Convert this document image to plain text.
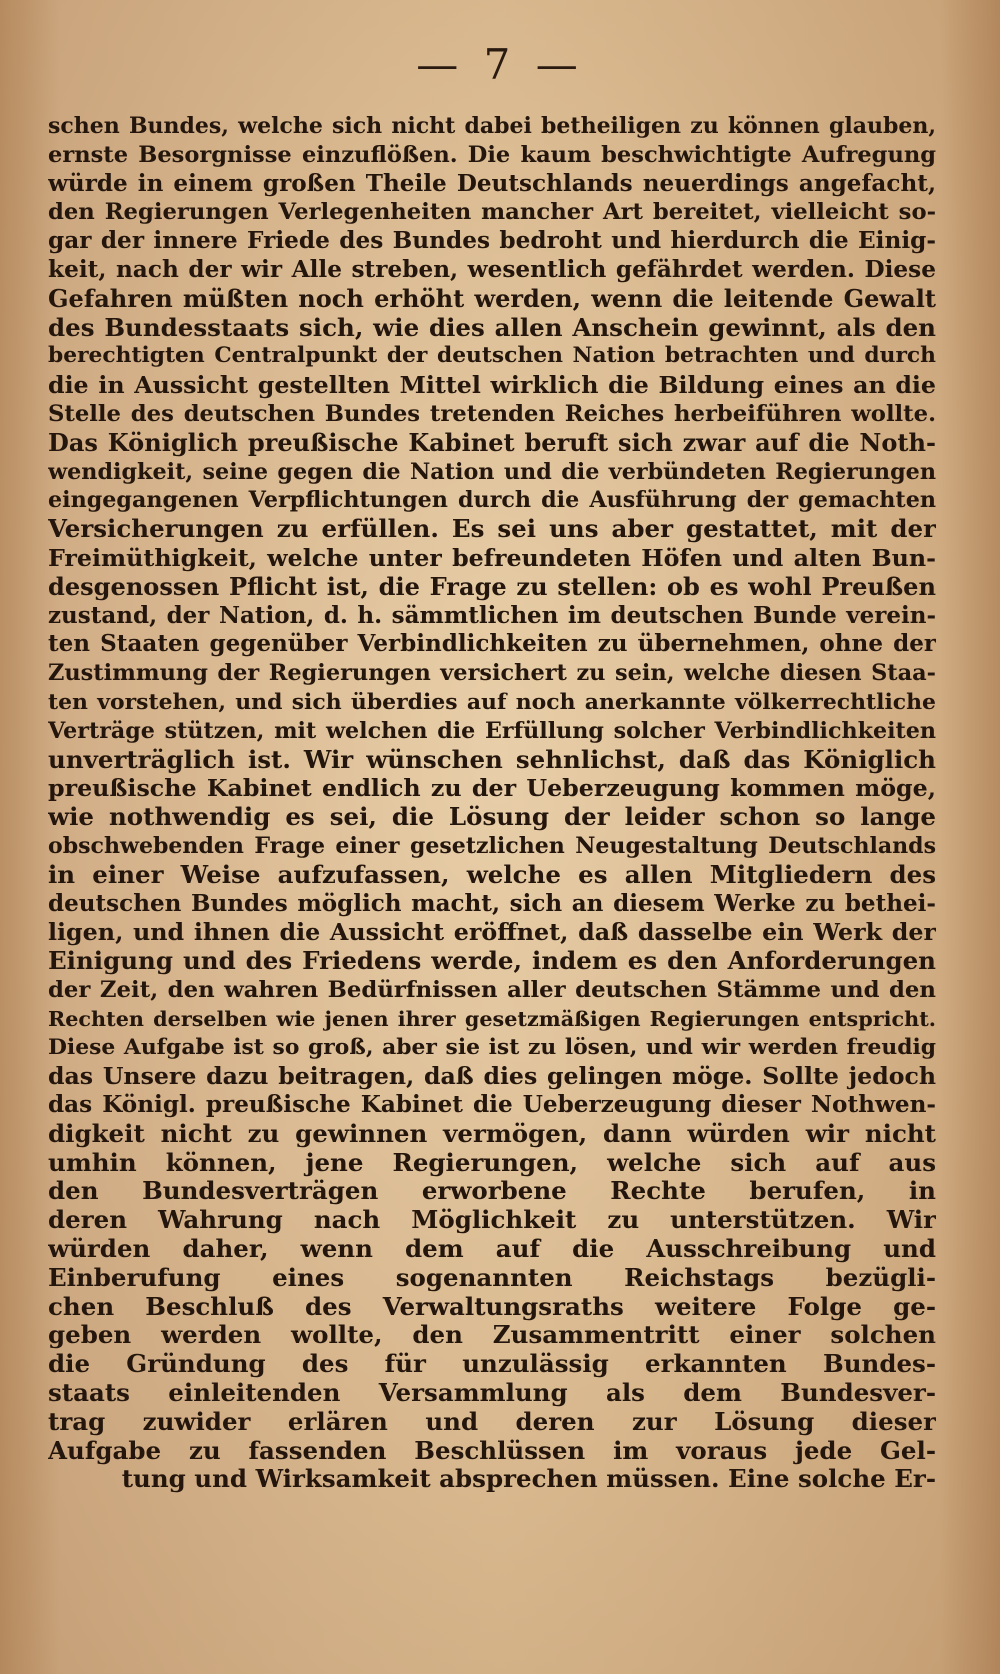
— 7 —
schen Bundes, welche sich nicht dabei betheiligen zu können glauben,
ernste Besorgnisse einzuflößen. Die kaum beschwichtigte Aufregung
würde in einem großen Theile Deutschlands neuerdings angefacht,
den Regierungen Verlegenheiten mancher Art bereitet, vielleicht so-
gar der innere Friede des Bundes bedroht und hierdurch die Einig-
keit, nach der wir Alle streben, wesentlich gefährdet werden. Diese
Gefahren müßten noch erhöht werden, wenn die leitende Gewalt
des Bundesstaats sich, wie dies allen Anschein gewinnt, als den
berechtigten Centralpunkt der deutschen Nation betrachten und durch
die in Aussicht gestellten Mittel wirklich die Bildung eines an die
Stelle des deutschen Bundes tretenden Reiches herbeiführen wollte.
Das Königlich preußische Kabinet beruft sich zwar auf die Noth-
wendigkeit, seine gegen die Nation und die verbündeten Regierungen
eingegangenen Verpflichtungen durch die Ausführung der gemachten
Versicherungen zu erfüllen. Es sei uns aber gestattet, mit der
Freimüthigkeit, welche unter befreundeten Höfen und alten Bun-
desgenossen Pflicht ist, die Frage zu stellen: ob es wohl Preußen
zustand, der Nation, d. h. sämmtlichen im deutschen Bunde verein-
ten Staaten gegenüber Verbindlichkeiten zu übernehmen, ohne der
Zustimmung der Regierungen versichert zu sein, welche diesen Staa-
ten vorstehen, und sich überdies auf noch anerkannte völkerrechtliche
Verträge stützen, mit welchen die Erfüllung solcher Verbindlichkeiten
unverträglich ist. Wir wünschen sehnlichst, daß das Königlich
preußische Kabinet endlich zu der Ueberzeugung kommen möge,
wie nothwendig es sei, die Lösung der leider schon so lange
obschwebenden Frage einer gesetzlichen Neugestaltung Deutschlands
in einer Weise aufzufassen, welche es allen Mitgliedern des
deutschen Bundes möglich macht, sich an diesem Werke zu bethei-
ligen, und ihnen die Aussicht eröffnet, daß dasselbe ein Werk der
Einigung und des Friedens werde, indem es den Anforderungen
der Zeit, den wahren Bedürfnissen aller deutschen Stämme und den
Rechten derselben wie jenen ihrer gesetzmäßigen Regierungen entspricht.
Diese Aufgabe ist so groß, aber sie ist zu lösen, und wir werden freudig
das Unsere dazu beitragen, daß dies gelingen möge. Sollte jedoch
das Königl. preußische Kabinet die Ueberzeugung dieser Nothwen-
digkeit nicht zu gewinnen vermögen, dann würden wir nicht
umhin können, jene Regierungen, welche sich auf aus
den Bundesverträgen erworbene Rechte berufen, in
deren Wahrung nach Möglichkeit zu unterstützen. Wir
würden daher, wenn dem auf die Ausschreibung und
Einberufung eines sogenannten Reichstags bezügli-
chen Beschluß des Verwaltungsraths weitere Folge ge-
geben werden wollte, den Zusammentritt einer solchen
die Gründung des für unzulässig erkannten Bundes-
staats einleitenden Versammlung als dem Bundesver-
trag zuwider erlären und deren zur Lösung dieser
Aufgabe zu fassenden Beschlüssen im voraus jede Gel-
tung und Wirksamkeit absprechen müssen. Eine solche Er-
